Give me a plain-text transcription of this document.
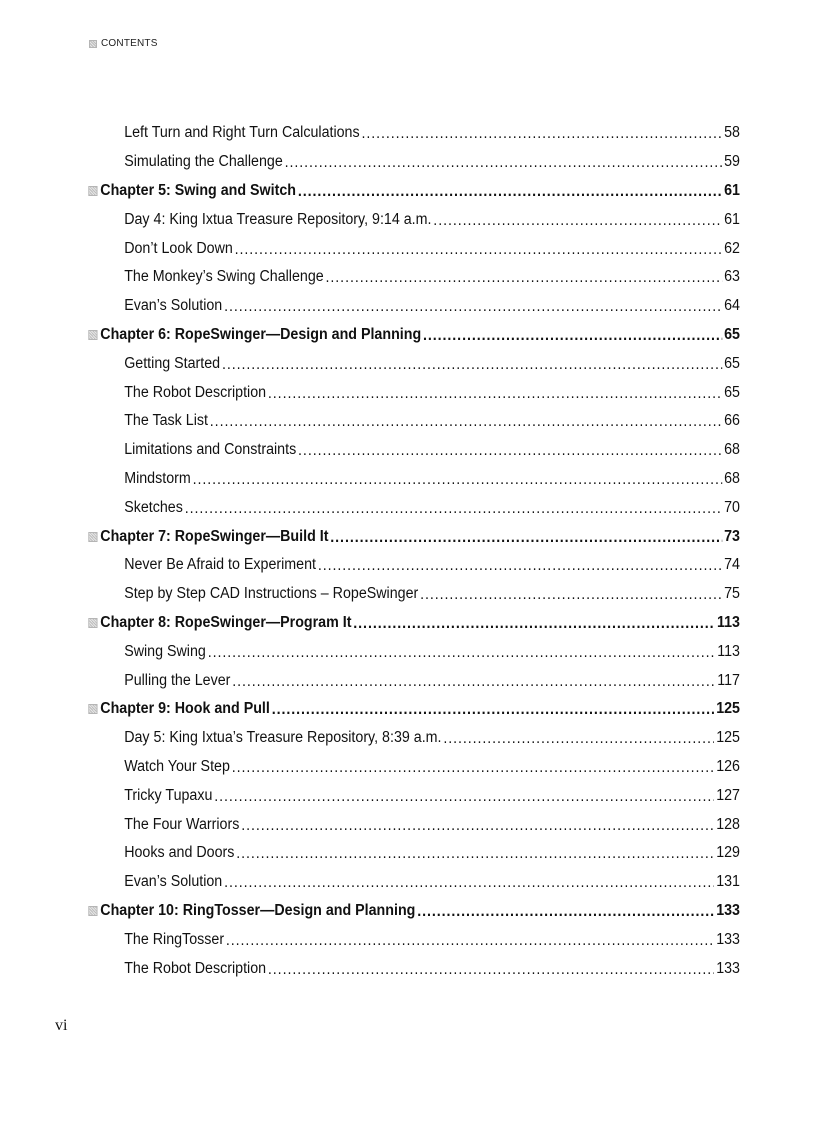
CONTENTS
Left Turn and Right Turn Calculations .....	58
Simulating the Challenge .....	59
Chapter 5: Swing and Switch .....	61
Day 4: King Ixtua Treasure Repository, 9:14 a.m. .....	61
Don’t Look Down .....	62
The Monkey’s Swing Challenge .....	63
Evan’s Solution .....	64
Chapter 6: RopeSwinger—Design and Planning .....	65
Getting Started .....	65
The Robot Description .....	65
The Task List .....	66
Limitations and Constraints .....	68
Mindstorm .....	68
Sketches .....	70
Chapter 7: RopeSwinger—Build It .....	73
Never Be Afraid to Experiment .....	74
Step by Step CAD Instructions – RopeSwinger .....	75
Chapter 8: RopeSwinger—Program It .....	113
Swing Swing .....	113
Pulling the Lever .....	117
Chapter 9: Hook and Pull .....	125
Day 5: King Ixtua’s Treasure Repository, 8:39 a.m. .....	125
Watch Your Step .....	126
Tricky Tupaxu .....	127
The Four Warriors .....	128
Hooks and Doors .....	129
Evan’s Solution .....	131
Chapter 10: RingTosser—Design and Planning .....	133
The RingTosser .....	133
The Robot Description .....	133
vi
